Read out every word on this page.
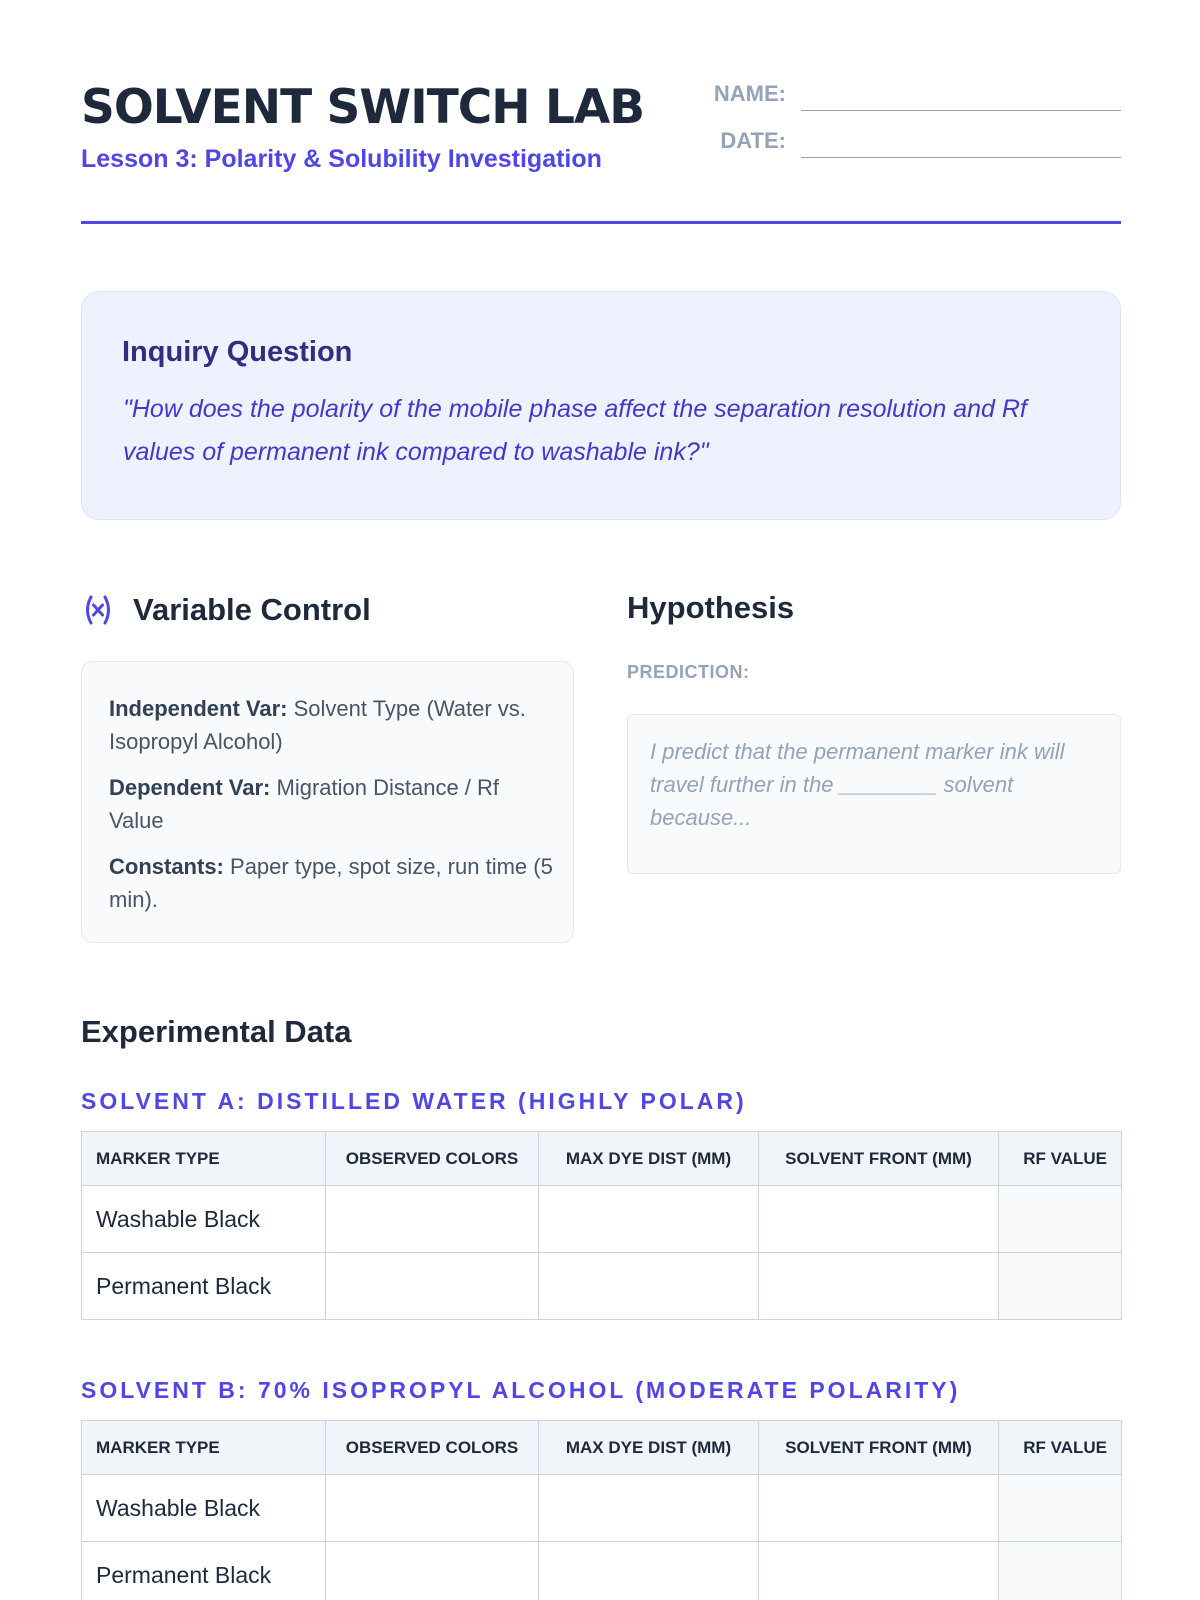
SOLVENT SWITCH LAB
Lesson 3: Polarity & Solubility Investigation
NAME:
DATE:
Inquiry Question

"How does the polarity of the mobile phase affect the separation resolution and Rf values of permanent ink compared to washable ink?"

Variable Control
Independent Var: Solvent Type (Water vs. Isopropyl Alcohol)
Dependent Var: Migration Distance / Rf Value
Constants: Paper type, spot size, run time (5 min).
Hypothesis
PREDICTION:
I predict that the permanent marker ink will travel further in the ________ solvent because...
Experimental Data
SOLVENT A: DISTILLED WATER (HIGHLY POLAR)
MARKER TYPE	OBSERVED COLORS	MAX DYE DIST (MM)	SOLVENT FRONT (MM)	RF VALUE
Washable Black				
Permanent Black				
SOLVENT B: 70% ISOPROPYL ALCOHOL (MODERATE POLARITY)
MARKER TYPE	OBSERVED COLORS	MAX DYE DIST (MM)	SOLVENT FRONT (MM)	RF VALUE
Washable Black				
Permanent Black				
